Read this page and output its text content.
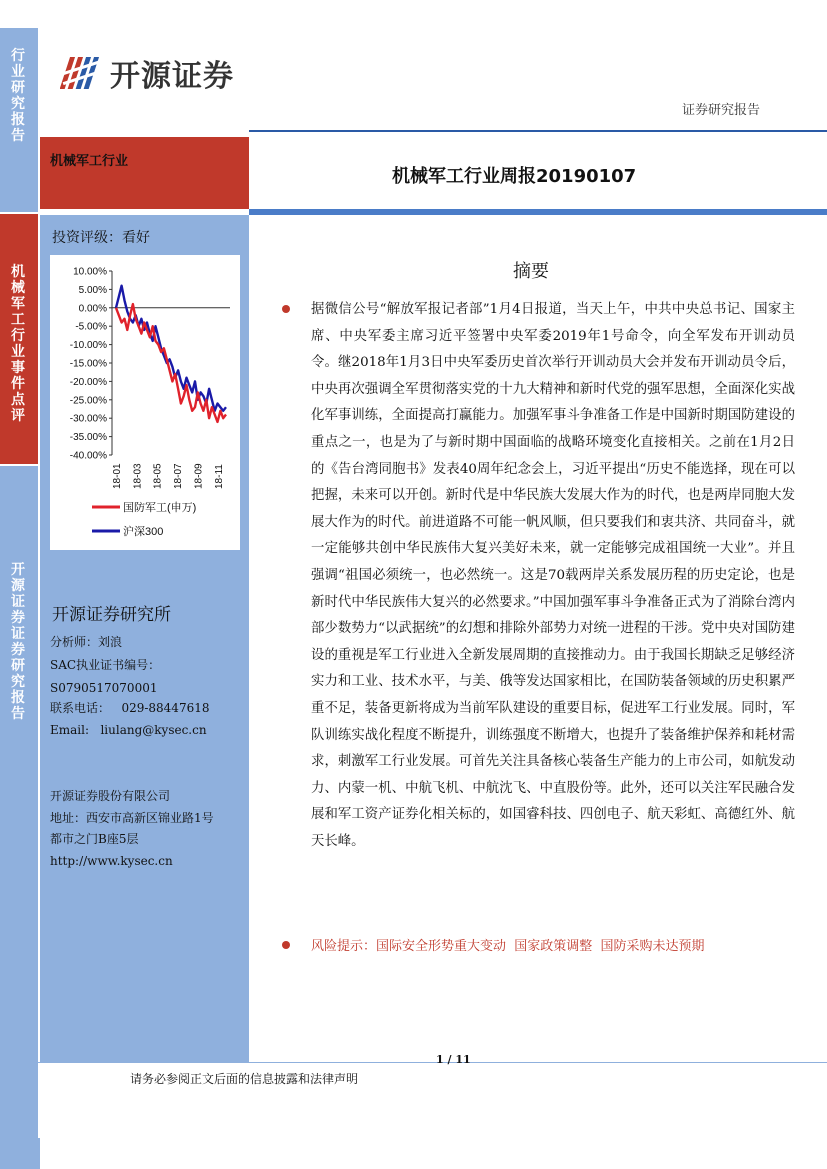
行业研究报告
机械军工行业事件点评
开源证券证券研究报告
开源证券
证券研究报告
机械军工行业
机械军工行业周报20190107
投资评级：看好
10.00%
5.00%
0.00%
-5.00%
-10.00%
-15.00%
-20.00%
-25.00%
-30.00%
-35.00%
-40.00%
18-01 18-03 18-05 18-07 18-09 18-11
国防军工(申万)
沪深300
开源证券研究所
分析师：刘浪
SAC执业证书编号：
S0790517070001
联系电话：   029-88447618
Email:   liulang@kysec.cn
开源证券股份有限公司
地址：西安市高新区锦业路1号
都市之门B座5层
http://www.kysec.cn
摘要
据微信公号“解放军报记者部”1月4日报道，当天上午，中共中央总书记、国家主席、中央军委主席习近平签署中央军委2019年1号命令，向全军发布开训动员令。继2018年1月3日中央军委历史首次举行开训动员大会并发布开训动员令后，中央再次强调全军贯彻落实党的十九大精神和新时代党的强军思想，全面深化实战化军事训练，全面提高打赢能力。加强军事斗争准备工作是中国新时期国防建设的重点之一，也是为了与新时期中国面临的战略环境变化直接相关。之前在1月2日的《告台湾同胞书》发表40周年纪念会上，习近平提出“历史不能选择，现在可以把握，未来可以开创。新时代是中华民族大发展大作为的时代，也是两岸同胞大发展大作为的时代。前进道路不可能一帆风顺，但只要我们和衷共济、共同奋斗，就一定能够共创中华民族伟大复兴美好未来，就一定能够完成祖国统一大业”。并且强调“祖国必须统一，也必然统一。这是70载两岸关系发展历程的历史定论，也是新时代中华民族伟大复兴的必然要求。”中国加强军事斗争准备正式为了消除台湾内部少数势力“以武据统”的幻想和排除外部势力对统一进程的干涉。党中央对国防建设的重视是军工行业进入全新发展周期的直接推动力。由于我国长期缺乏足够经济实力和工业、技术水平，与美、俄等发达国家相比，在国防装备领域的历史积累严重不足，装备更新将成为当前军队建设的重要目标，促进军工行业发展。同时，军队训练实战化程度不断提升，训练强度不断增大，也提升了装备维护保养和耗材需求，刺激军工行业发展。可首先关注具备核心装备生产能力的上市公司，如航发动力、内蒙一机、中航飞机、中航沈飞、中直股份等。此外，还可以关注军民融合发展和军工资产证券化相关标的，如国睿科技、四创电子、航天彩虹、高德红外、航天长峰。
风险提示：国际安全形势重大变动  国家政策调整  国防采购未达预期
1 / 11
请务必参阅正文后面的信息披露和法律声明
